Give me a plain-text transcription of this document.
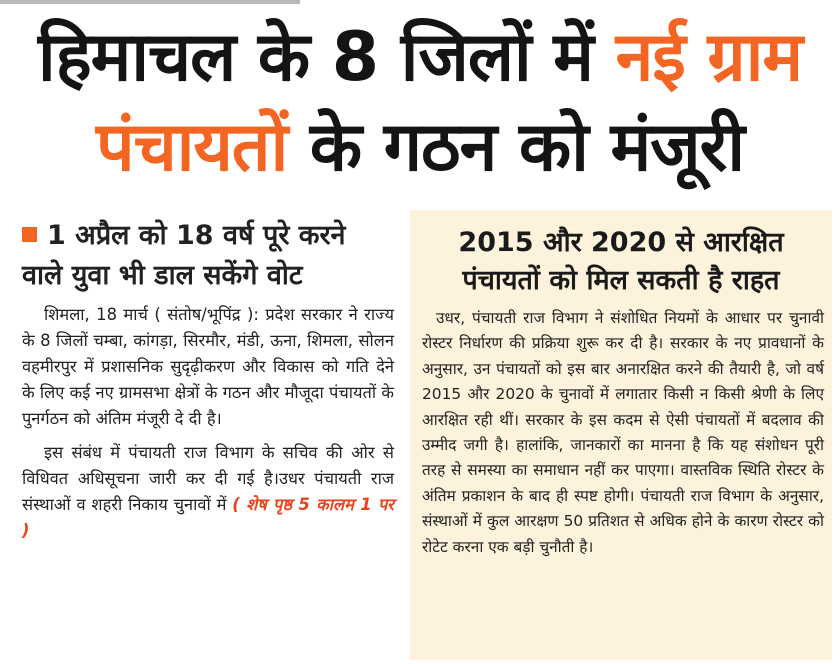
हिमाचल के 8 जिलों में नई ग्राम
पंचायतों के गठन को मंजूरी
1 अप्रैल को 18 वर्ष पूरे करने
वाले युवा भी डाल सकेंगे वोट

शिमला, 18 मार्च ( संतोष/भूपिंद्र ): प्रदेश सरकार ने राज्य के 8 जिलों चम्बा, कांगड़ा, सिरमौर, मंडी, ऊना, शिमला, सोलन वहमीरपुर में प्रशासनिक सुदृढ़ीकरण और विकास को गति देने के लिए कई नए ग्रामसभा क्षेत्रों के गठन और मौजूदा पंचायतों के पुनर्गठन को अंतिम मंजूरी दे दी है।

इस संबंध में पंचायती राज विभाग के सचिव की ओर से विधिवत अधिसूचना जारी कर दी गई है।उधर पंचायती राज संस्थाओं व शहरी निकाय चुनावों में ( शेष पृष्ठ 5 कालम 1 पर )

2015 और 2020 से आरक्षित
पंचायतों को मिल सकती है राहत

उधर, पंचायती राज विभाग ने संशोधित नियमों के आधार पर चुनावी रोस्टर निर्धारण की प्रक्रिया शुरू कर दी है। सरकार के नए प्रावधानों के अनुसार, उन पंचायतों को इस बार अनारक्षित करने की तैयारी है, जो वर्ष 2015 और 2020 के चुनावों में लगातार किसी न किसी श्रेणी के लिए आरक्षित रही थीं। सरकार के इस कदम से ऐसी पंचायतों में बदलाव की उम्मीद जगी है। हालांकि, जानकारों का मानना है कि यह संशोधन पूरी तरह से समस्या का समाधान नहीं कर पाएगा। वास्तविक स्थिति रोस्टर के अंतिम प्रकाशन के बाद ही स्पष्ट होगी। पंचायती राज विभाग के अनुसार, संस्थाओं में कुल आरक्षण 50 प्रतिशत से अधिक होने के कारण रोस्टर को रोटेट करना एक बड़ी चुनौती है।
